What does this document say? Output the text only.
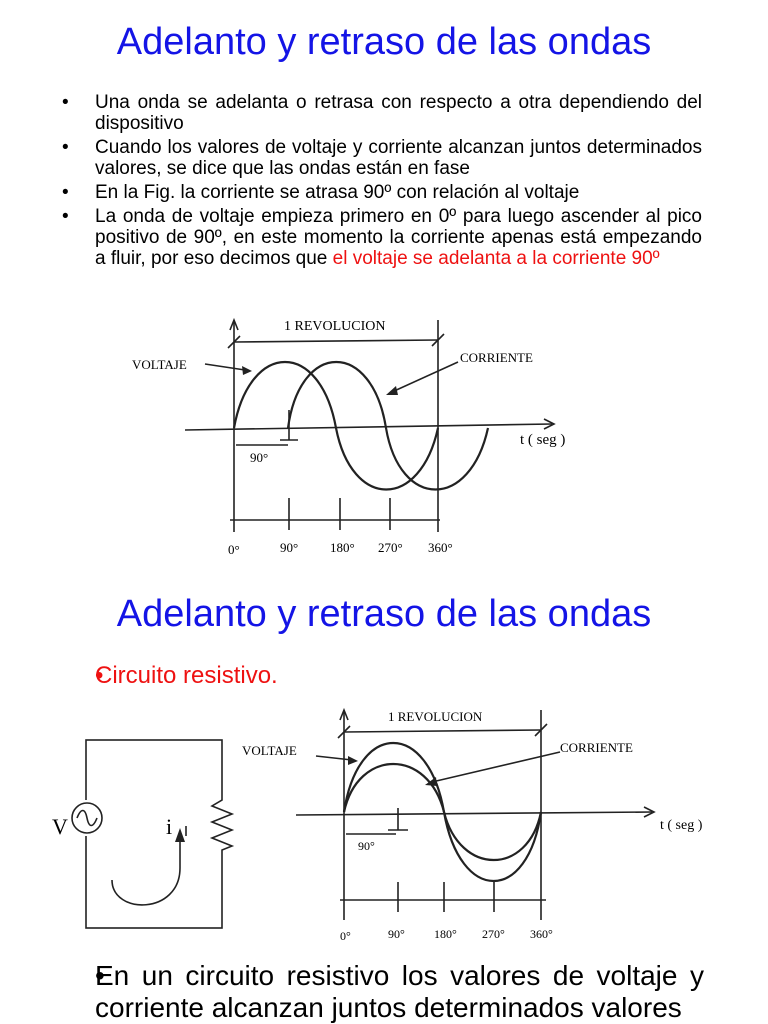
Adelanto y retraso de las ondas
• Una onda se adelanta o retrasa con respecto a otra dependiendo del dispositivo
• Cuando los valores de voltaje y corriente alcanzan juntos determinados valores, se dice que las ondas están en fase
• En la Fig. la corriente se atrasa 90º con relación al voltaje
• La onda de voltaje empieza primero en 0º para luego ascender al pico positivo de 90º, en este momento la corriente apenas está empezando a fluir, por eso decimos que el voltaje se adelanta a la corriente 90º
1 REVOLUCION
VOLTAJE	CORRIENTE
t ( seg )
90°
0°	90° 180° 270° 360°
Adelanto y retraso de las ondas
• Circuito resistivo.
V	i
1 REVOLUCION
VOLTAJE	CORRIENTE
t ( seg )
90°
0°	90° 180° 270° 360°
• En un circuito resistivo los valores de voltaje y corriente alcanzan juntos determinados valores
